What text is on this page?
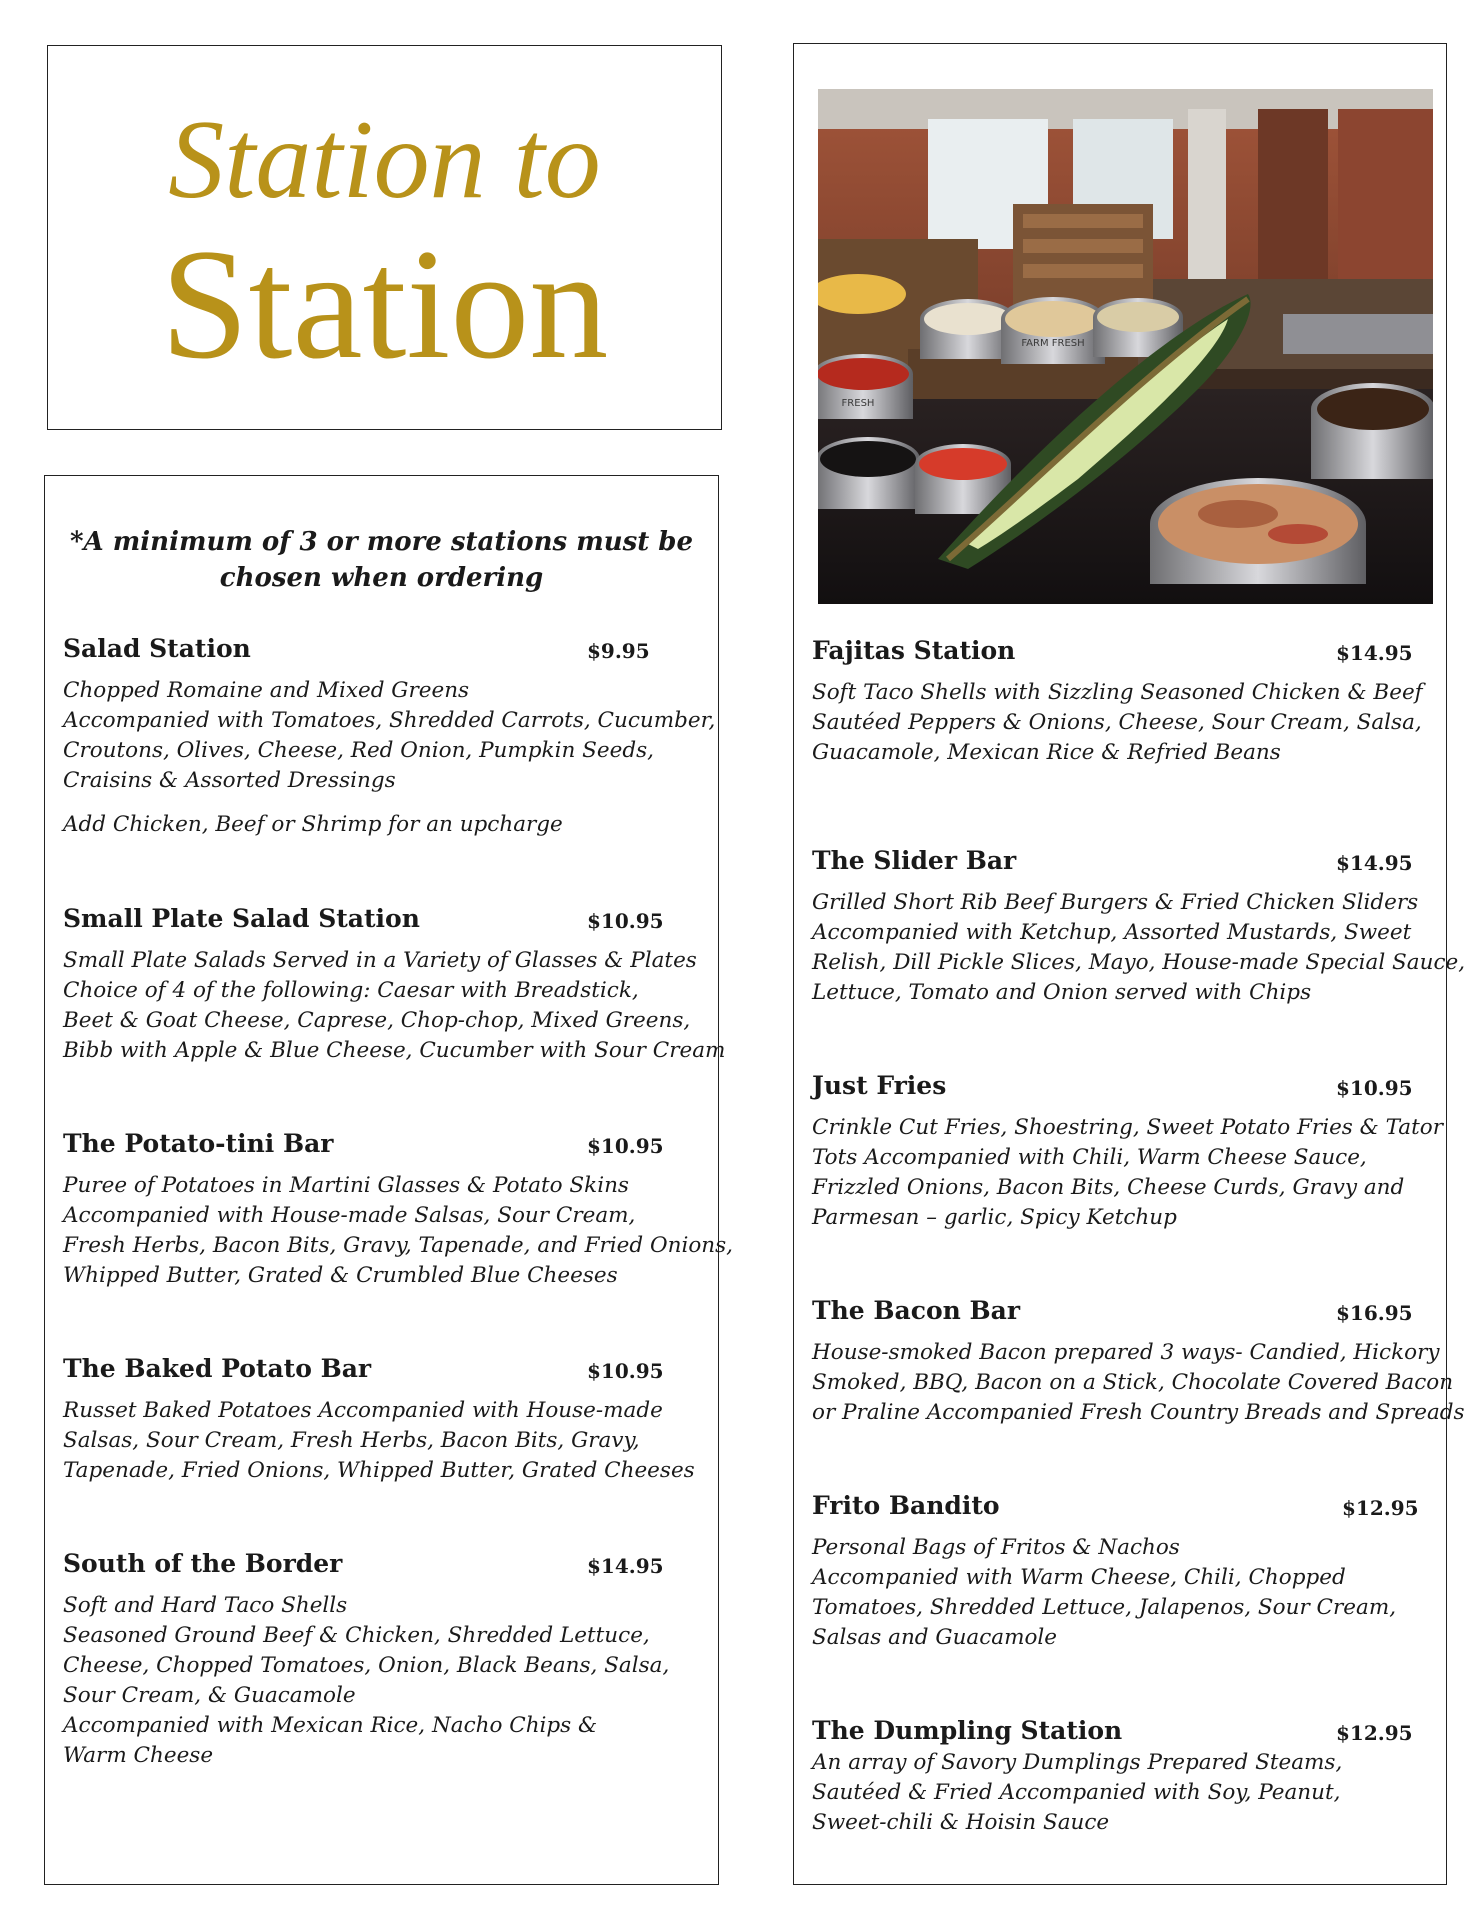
Station to
Station
*A minimum of 3 or more stations must be
chosen when ordering
Salad Station	$9.95
Chopped Romaine and Mixed Greens
Accompanied with Tomatoes, Shredded Carrots, Cucumber,
Croutons, Olives, Cheese, Red Onion, Pumpkin Seeds,
Craisins & Assorted Dressings
Add Chicken, Beef or Shrimp for an upcharge
Small Plate Salad Station	$10.95
Small Plate Salads Served in a Variety of Glasses & Plates
Choice of 4 of the following: Caesar with Breadstick,
Beet & Goat Cheese, Caprese, Chop-chop, Mixed Greens,
Bibb with Apple & Blue Cheese, Cucumber with Sour Cream
The Potato-tini Bar	$10.95
Puree of Potatoes in Martini Glasses & Potato Skins
Accompanied with House-made Salsas, Sour Cream,
Fresh Herbs, Bacon Bits, Gravy, Tapenade, and Fried Onions,
Whipped Butter, Grated & Crumbled Blue Cheeses
The Baked Potato Bar	$10.95
Russet Baked Potatoes Accompanied with House-made
Salsas, Sour Cream, Fresh Herbs, Bacon Bits, Gravy,
Tapenade, Fried Onions, Whipped Butter, Grated Cheeses
South of the Border	$14.95
Soft and Hard Taco Shells
Seasoned Ground Beef & Chicken, Shredded Lettuce,
Cheese, Chopped Tomatoes, Onion, Black Beans, Salsa,
Sour Cream, & Guacamole
Accompanied with Mexican Rice, Nacho Chips &
Warm Cheese
FARM FRESH
FRESH
Fajitas Station	$14.95
Soft Taco Shells with Sizzling Seasoned Chicken & Beef
Sautéed Peppers & Onions, Cheese, Sour Cream, Salsa,
Guacamole, Mexican Rice & Refried Beans
The Slider Bar	$14.95
Grilled Short Rib Beef Burgers & Fried Chicken Sliders
Accompanied with Ketchup, Assorted Mustards, Sweet
Relish, Dill Pickle Slices, Mayo, House-made Special Sauce,
Lettuce, Tomato and Onion served with Chips
Just Fries	$10.95
Crinkle Cut Fries, Shoestring, Sweet Potato Fries & Tator
Tots Accompanied with Chili, Warm Cheese Sauce,
Frizzled Onions, Bacon Bits, Cheese Curds, Gravy and
Parmesan – garlic, Spicy Ketchup
The Bacon Bar	$16.95
House-smoked Bacon prepared 3 ways- Candied, Hickory
Smoked, BBQ, Bacon on a Stick, Chocolate Covered Bacon
or Praline Accompanied Fresh Country Breads and Spreads
Frito Bandito	$12.95
Personal Bags of Fritos & Nachos
Accompanied with Warm Cheese, Chili, Chopped
Tomatoes, Shredded Lettuce, Jalapenos, Sour Cream,
Salsas and Guacamole
The Dumpling Station	$12.95
An array of Savory Dumplings Prepared Steams,
Sautéed & Fried Accompanied with Soy, Peanut,
Sweet-chili & Hoisin Sauce
